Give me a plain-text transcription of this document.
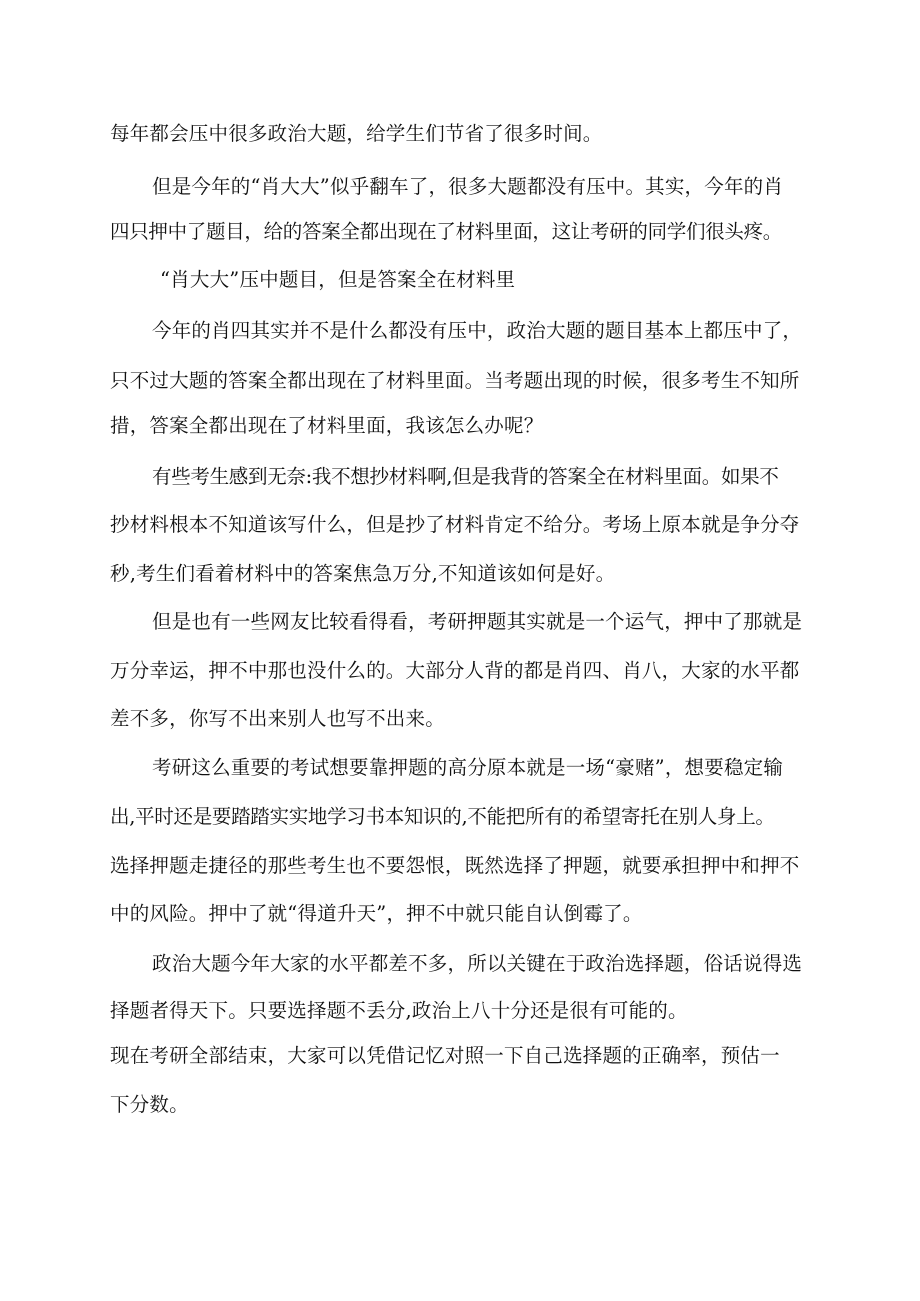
每年都会压中很多政治大题，给学生们节省了很多时间。
但是今年的“肖大大”似乎翻车了，很多大题都没有压中。其实，今年的肖
四只押中了题目，给的答案全都出现在了材料里面，这让考研的同学们很头疼。
“肖大大”压中题目，但是答案全在材料里
今年的肖四其实并不是什么都没有压中，政治大题的题目基本上都压中了，
只不过大题的答案全都出现在了材料里面。当考题出现的时候，很多考生不知所
措，答案全都出现在了材料里面，我该怎么办呢？
有些考生感到无奈:我不想抄材料啊,但是我背的答案全在材料里面。如果不
抄材料根本不知道该写什么，但是抄了材料肯定不给分。考场上原本就是争分夺
秒,考生们看着材料中的答案焦急万分,不知道该如何是好。
但是也有一些网友比较看得看，考研押题其实就是一个运气，押中了那就是
万分幸运，押不中那也没什么的。大部分人背的都是肖四、肖八，大家的水平都
差不多，你写不出来别人也写不出来。
考研这么重要的考试想要靠押题的高分原本就是一场“豪赌”，想要稳定输
出,平时还是要踏踏实实地学习书本知识的,不能把所有的希望寄托在别人身上。
选择押题走捷径的那些考生也不要怨恨，既然选择了押题，就要承担押中和押不
中的风险。押中了就“得道升天”，押不中就只能自认倒霉了。
政治大题今年大家的水平都差不多，所以关键在于政治选择题，俗话说得选
择题者得天下。只要选择题不丢分,政治上八十分还是很有可能的。
现在考研全部结束，大家可以凭借记忆对照一下自己选择题的正确率，预估一
下分数。
